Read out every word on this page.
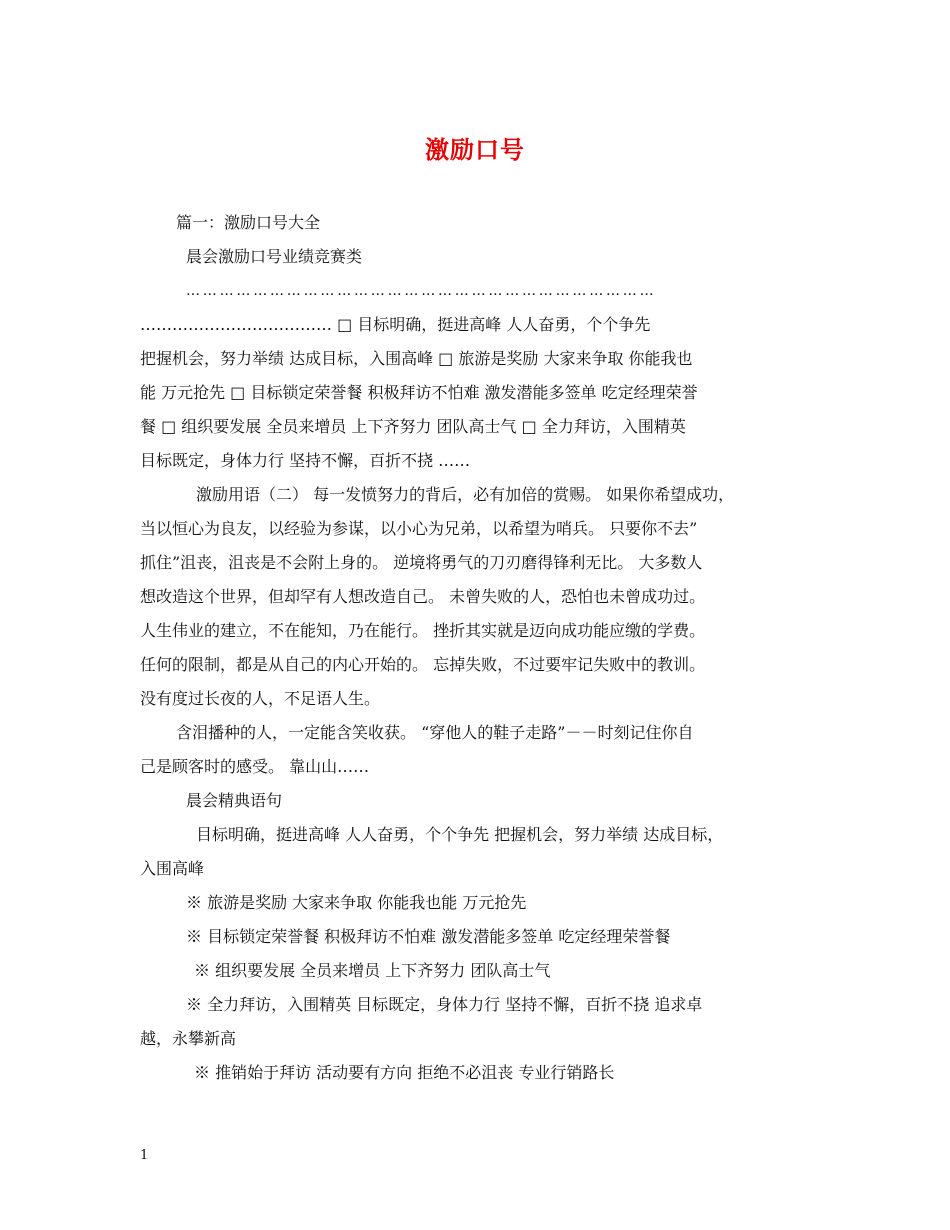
激励口号
篇一：激励口号大全
晨会激励口号业绩竞赛类
…………………………………………………………………………
……………………………… □ 目标明确，挺进高峰 人人奋勇，个个争先
把握机会，努力举绩 达成目标，入围高峰 □ 旅游是奖励 大家来争取 你能我也
能 万元抢先 □ 目标锁定荣誉餐 积极拜访不怕难 激发潜能多签单 吃定经理荣誉
餐 □ 组织要发展 全员来增员 上下齐努力 团队高士气 □ 全力拜访，入围精英
目标既定，身体力行 坚持不懈，百折不挠 ……
激励用语（二） 每一发愤努力的背后，必有加倍的赏赐。 如果你希望成功，
当以恒心为良友，以经验为参谋，以小心为兄弟，以希望为哨兵。 只要你不去”
抓住”沮丧，沮丧是不会附上身的。 逆境将勇气的刀刃磨得锋利无比。 大多数人
想改造这个世界，但却罕有人想改造自己。 未曾失败的人，恐怕也未曾成功过。
人生伟业的建立，不在能知，乃在能行。 挫折其实就是迈向成功能应缴的学费。
任何的限制，都是从自己的内心开始的。 忘掉失败，不过要牢记失败中的教训。
没有度过长夜的人，不足语人生。
含泪播种的人，一定能含笑收获。 “穿他人的鞋子走路”－－时刻记住你自
己是顾客时的感受。 靠山山……
晨会精典语句
目标明确，挺进高峰 人人奋勇，个个争先 把握机会，努力举绩 达成目标，
入围高峰
※ 旅游是奖励 大家来争取 你能我也能 万元抢先
※ 目标锁定荣誉餐 积极拜访不怕难 激发潜能多签单 吃定经理荣誉餐
※ 组织要发展 全员来增员 上下齐努力 团队高士气
※ 全力拜访，入围精英 目标既定，身体力行 坚持不懈，百折不挠 追求卓
越，永攀新高
※ 推销始于拜访 活动要有方向 拒绝不必沮丧 专业行销路长
1
